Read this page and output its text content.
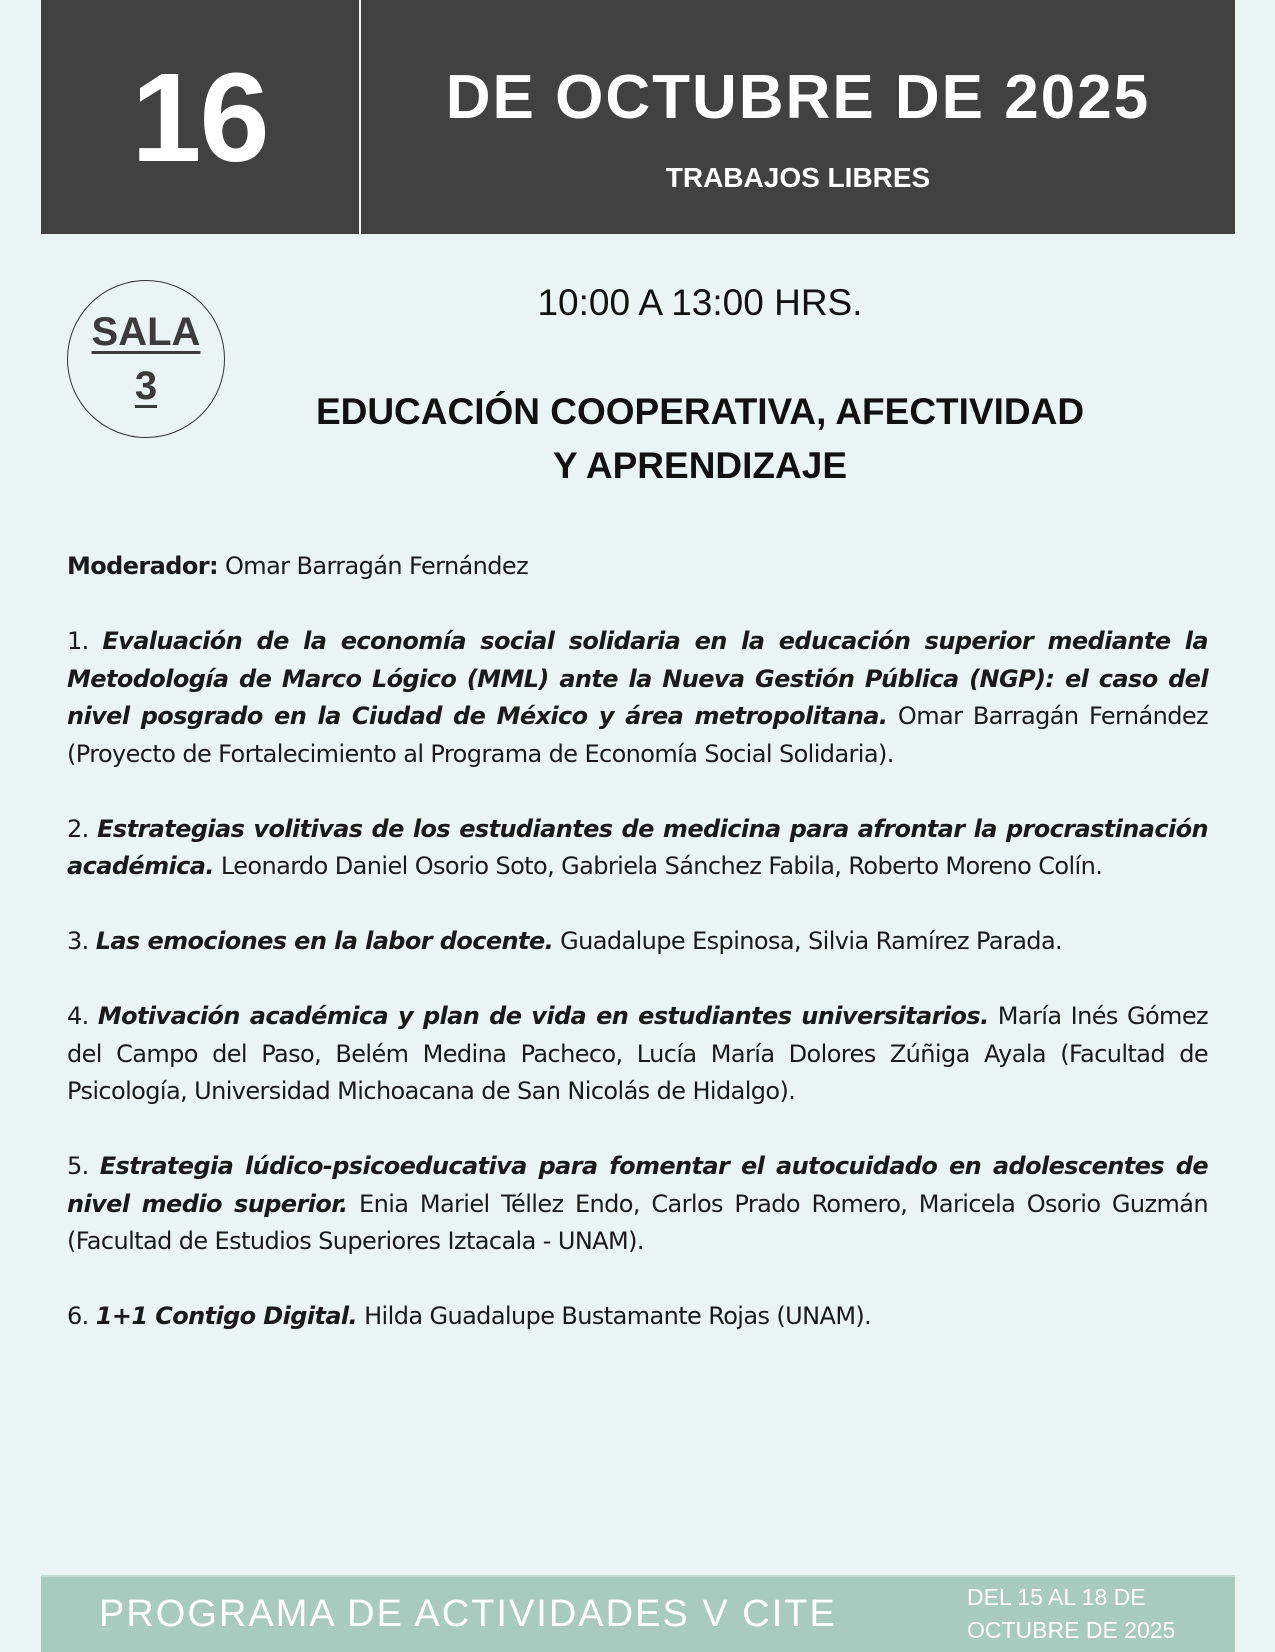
16	DE OCTUBRE DE 2025
TRABAJOS LIBRES
SALA
3
10:00 A 13:00 HRS.
EDUCACIÓN COOPERATIVA, AFECTIVIDAD
Y APRENDIZAJE

Moderador: Omar Barragán Fernández

1. Evaluación de la economía social solidaria en la educación superior mediante la Metodología de Marco Lógico (MML) ante la Nueva Gestión Pública (NGP): el caso del nivel posgrado en la Ciudad de México y área metropolitana. Omar Barragán Fernández (Proyecto de Fortalecimiento al Programa de Economía Social Solidaria).

2. Estrategias volitivas de los estudiantes de medicina para afrontar la procrastinación académica. Leonardo Daniel Osorio Soto, Gabriela Sánchez Fabila, Roberto Moreno Colín.

3. Las emociones en la labor docente. Guadalupe Espinosa, Silvia Ramírez Parada.

4. Motivación académica y plan de vida en estudiantes universitarios. María Inés Gómez del Campo del Paso, Belém Medina Pacheco, Lucía María Dolores Zúñiga Ayala (Facultad de Psicología, Universidad Michoacana de San Nicolás de Hidalgo).

5. Estrategia lúdico-psicoeducativa para fomentar el autocuidado en adolescentes de nivel medio superior. Enia Mariel Téllez Endo, Carlos Prado Romero, Maricela Osorio Guzmán (Facultad de Estudios Superiores Iztacala - UNAM).

6. 1+1 Contigo Digital. Hilda Guadalupe Bustamante Rojas (UNAM).

PROGRAMA DE ACTIVIDADES V CITE	DEL 15 AL 18 DE
OCTUBRE DE 2025
